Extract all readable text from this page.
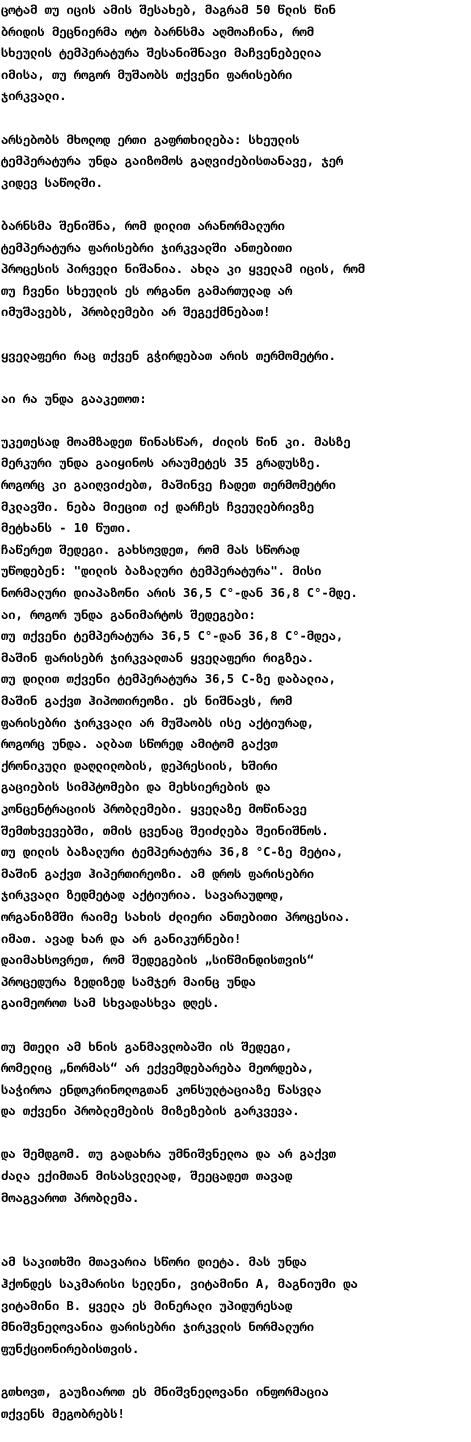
ცოტამ თუ იცის ამის შესახებ, მაგრამ 50 წლის წინ
ბრიდის მეცნიერმა ოტო ბარნსმა აღმოაჩინა, რომ
სხეულის ტემპერატურა შესანიშნავი მაჩვენებელია
იმისა, თუ როგორ მუშაობს თქვენი ფარისებრი
ჯირკვალი.
არსებობს მხოლოდ ერთი გაფრთხილება: სხეულის
ტემპერატურა უნდა გაიზომოს გაღვიძებისთანავე, ჯერ
კიდევ საწოლში.
ბარნსმა შენიშნა, რომ დილით არანორმალური
ტემპერატურა ფარისებრი ჯირკვალში ანთებითი
პროცესის პირველი ნიშანია. ახლა კი ყველამ იცის, რომ
თუ ჩვენი სხეულის ეს ორგანო გამართულად არ
იმუშავებს, პრობლემები არ შეგექმნებათ!
ყველაფერი რაც თქვენ გჭირდებათ არის თერმომეტრი.
აი რა უნდა გააკეთოთ:
უკეთესად მოამზადეთ წინასწარ, ძილის წინ კი. მასზე
მერკური უნდა გაიყინოს არაუმეტეს 35 გრადუსზე.
როგორც კი გაიღვიძებთ, მაშინვე ჩადეთ თერმომეტრი
მკლავში. ნება მიეცით იქ დარჩეს ჩვეულებრივზე
მეტხანს - 10 წუთი.
ჩაწერეთ შედეგი. გახსოვდეთ, რომ მას სწორად
უწოდებენ: "დილის ბაზალური ტემპერატურა". მისი
ნორმალური დიაპაზონი არის 36,5 C°-დან 36,8 C°-მდე.
აი, როგორ უნდა განიმარტოს შედეგები:
თუ თქვენი ტემპერატურა 36,5 C°-დან 36,8 C°-მდეა,
მაშინ ფარისებრ ჯირკვალთან ყველაფერი რიგზეა.
თუ დილით თქვენი ტემპერატურა 36,5 C-ზე დაბალია,
მაშინ გაქვთ ჰიპოთირეოზი. ეს ნიშნავს, რომ
ფარისებრი ჯირკვალი არ მუშაობს ისე აქტიურად,
როგორც უნდა. ალბათ სწორედ ამიტომ გაქვთ
ქრონიკული დაღლილობის, დეპრესიის, ხშირი
გაციების სიმპტომები და მეხსიერების და
კონცენტრაციის პრობლემები. ყველაზე მოწინავე
შემთხვევებში, თმის ცვენაც შეიძლება შეინიშნოს.
თუ დილის ბაზალური ტემპერატურა 36,8 °C-ზე მეტია,
მაშინ გაქვთ ჰიპერთირეოზი. ამ დროს ფარისებრი
ჯირკვალი ზედმეტად აქტიურია. სავარაუდოდ,
ორგანიზმში რაიმე სახის ძლიერი ანთებითი პროცესია.
იმათ. ავად ხარ და არ განიკურნები!
დაიმახსოვრეთ, რომ შედეგების „სიწმინდისთვის“
პროცედურა ზედიზედ სამჯერ მაინც უნდა
გაიმეოროთ სამ სხვადასხვა დღეს.
თუ მთელი ამ ხნის განმავლობაში ის შედეგი,
რომელიც „ნორმას“ არ ექვემდებარება მეორდება,
საჭიროა ენდოკრინოლოგთან კონსულტაციაზე წასვლა
და თქვენი პრობლემების მიზეზების გარკვევა.
და შემდგომ. თუ გადახრა უმნიშვნელოა და არ გაქვთ
ძალა ექიმთან მისასვლელად, შეეცადეთ თავად
მოაგვაროთ პრობლემა.
ამ საკითხში მთავარია სწორი დიეტა. მას უნდა
ჰქონდეს საკმარისი სელენი, ვიტამინი A, მაგნიუმი და
ვიტამინი B. ყველა ეს მინერალი უპიდურესად
მნიშვნელოვანია ფარისებრი ჯირკვლის ნორმალური
ფუნქციონირებისთვის.
გთხოვთ, გაუზიაროთ ეს მნიშვნელოვანი ინფორმაცია
თქვენს მეგობრებს!
